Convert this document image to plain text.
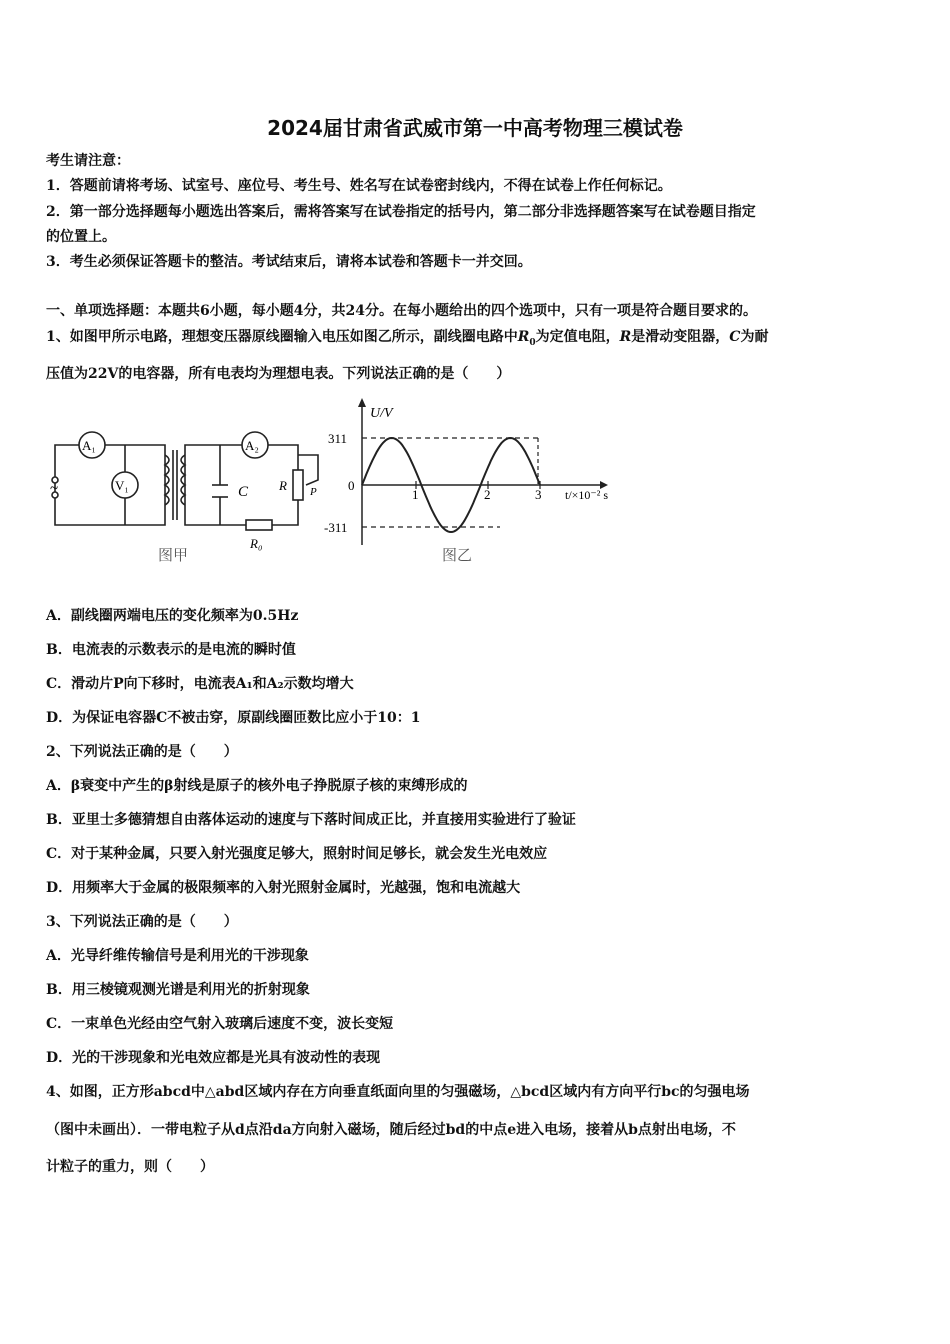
2024届甘肃省武威市第一中高考物理三模试卷
考生请注意：
1．答题前请将考场、试室号、座位号、考生号、姓名写在试卷密封线内，不得在试卷上作任何标记。
2．第一部分选择题每小题选出答案后，需将答案写在试卷指定的括号内，第二部分非选择题答案写在试卷题目指定
的位置上。
3．考生必须保证答题卡的整洁。考试结束后，请将本试卷和答题卡一并交回。
一、单项选择题：本题共6小题，每小题4分，共24分。在每小题给出的四个选项中，只有一项是符合题目要求的。
1、如图甲所示电路，理想变压器原线圈输入电压如图乙所示，副线圈电路中$R_0$为定值电阻，R是滑动变阻器，C为耐
压值为22V的电容器，所有电表均为理想电表。下列说法正确的是（　　）
~
A₁
V₁
A₂
C R P
R₀
图甲
U/V
311
0
-311
1	2	3 t/×10⁻² s
图乙
A．副线圈两端电压的变化频率为0.5Hz
B．电流表的示数表示的是电流的瞬时值
C．滑动片P向下移时，电流表A₁和A₂示数均增大
D．为保证电容器C不被击穿，原副线圈匝数比应小于10：1
2、下列说法正确的是（　　）
A．β衰变中产生的β射线是原子的核外电子挣脱原子核的束缚形成的
B．亚里士多德猜想自由落体运动的速度与下落时间成正比，并直接用实验进行了验证
C．对于某种金属，只要入射光强度足够大，照射时间足够长，就会发生光电效应
D．用频率大于金属的极限频率的入射光照射金属时，光越强，饱和电流越大
3、下列说法正确的是（　　）
A．光导纤维传输信号是利用光的干涉现象
B．用三棱镜观测光谱是利用光的折射现象
C．一束单色光经由空气射入玻璃后速度不变，波长变短
D．光的干涉现象和光电效应都是光具有波动性的表现
4、如图，正方形abcd中△abd区域内存在方向垂直纸面向里的匀强磁场，△bcd区域内有方向平行bc的匀强电场
（图中未画出）．一带电粒子从d点沿da方向射入磁场，随后经过bd的中点e进入电场，接着从b点射出电场，不
计粒子的重力，则（　　）
